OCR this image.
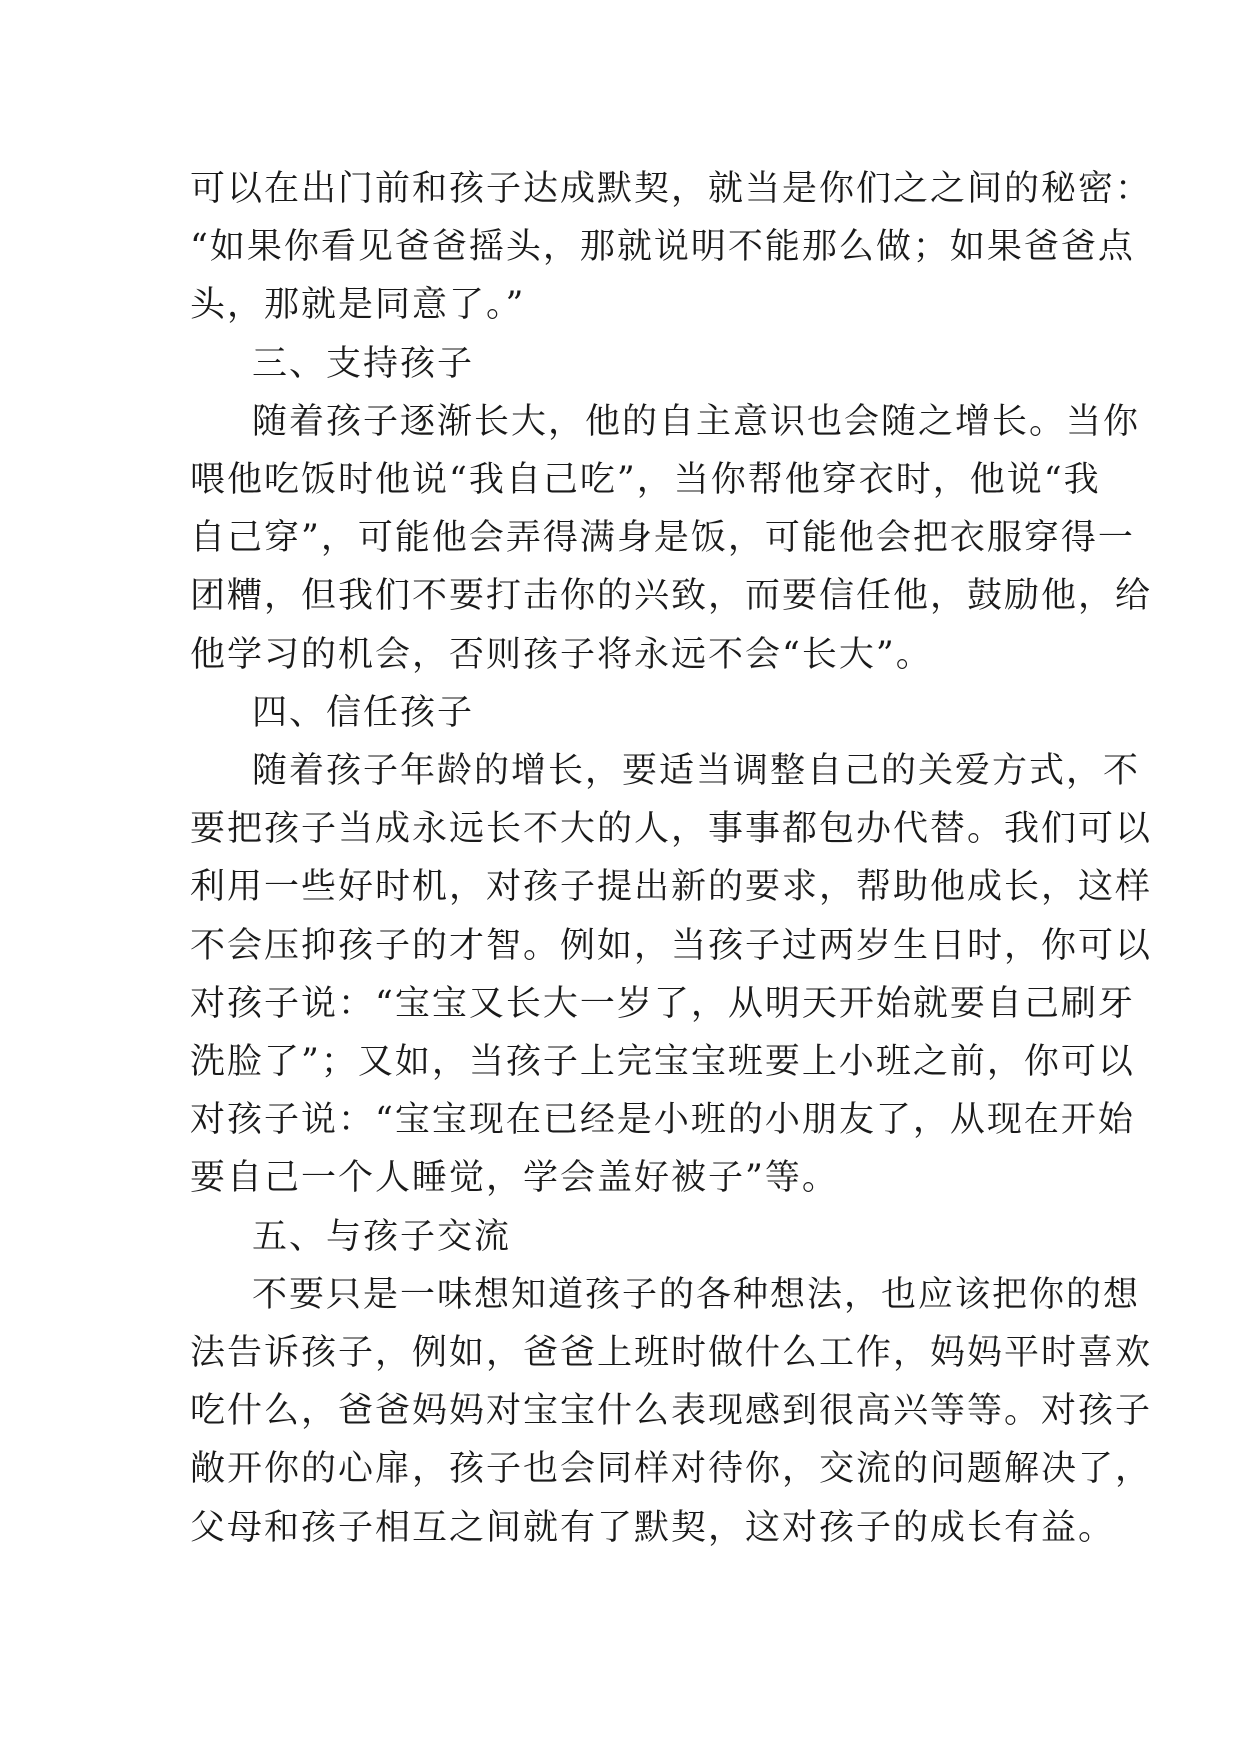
可以在出门前和孩子达成默契，就当是你们之之间的秘密：
“如果你看见爸爸摇头，那就说明不能那么做；如果爸爸点
头，那就是同意了。”
三、支持孩子
随着孩子逐渐长大，他的自主意识也会随之增长。当你
喂他吃饭时他说“我自己吃”，当你帮他穿衣时，他说“我
自己穿”，可能他会弄得满身是饭，可能他会把衣服穿得一
团糟，但我们不要打击你的兴致，而要信任他，鼓励他，给
他学习的机会，否则孩子将永远不会“长大”。
四、信任孩子
随着孩子年龄的增长，要适当调整自己的关爱方式，不
要把孩子当成永远长不大的人，事事都包办代替。我们可以
利用一些好时机，对孩子提出新的要求，帮助他成长，这样
不会压抑孩子的才智。例如，当孩子过两岁生日时，你可以
对孩子说：“宝宝又长大一岁了，从明天开始就要自己刷牙
洗脸了”；又如，当孩子上完宝宝班要上小班之前，你可以
对孩子说：“宝宝现在已经是小班的小朋友了，从现在开始
要自己一个人睡觉，学会盖好被子”等。
五、与孩子交流
不要只是一味想知道孩子的各种想法，也应该把你的想
法告诉孩子，例如，爸爸上班时做什么工作，妈妈平时喜欢
吃什么，爸爸妈妈对宝宝什么表现感到很高兴等等。对孩子
敞开你的心扉，孩子也会同样对待你，交流的问题解决了，
父母和孩子相互之间就有了默契，这对孩子的成长有益。
